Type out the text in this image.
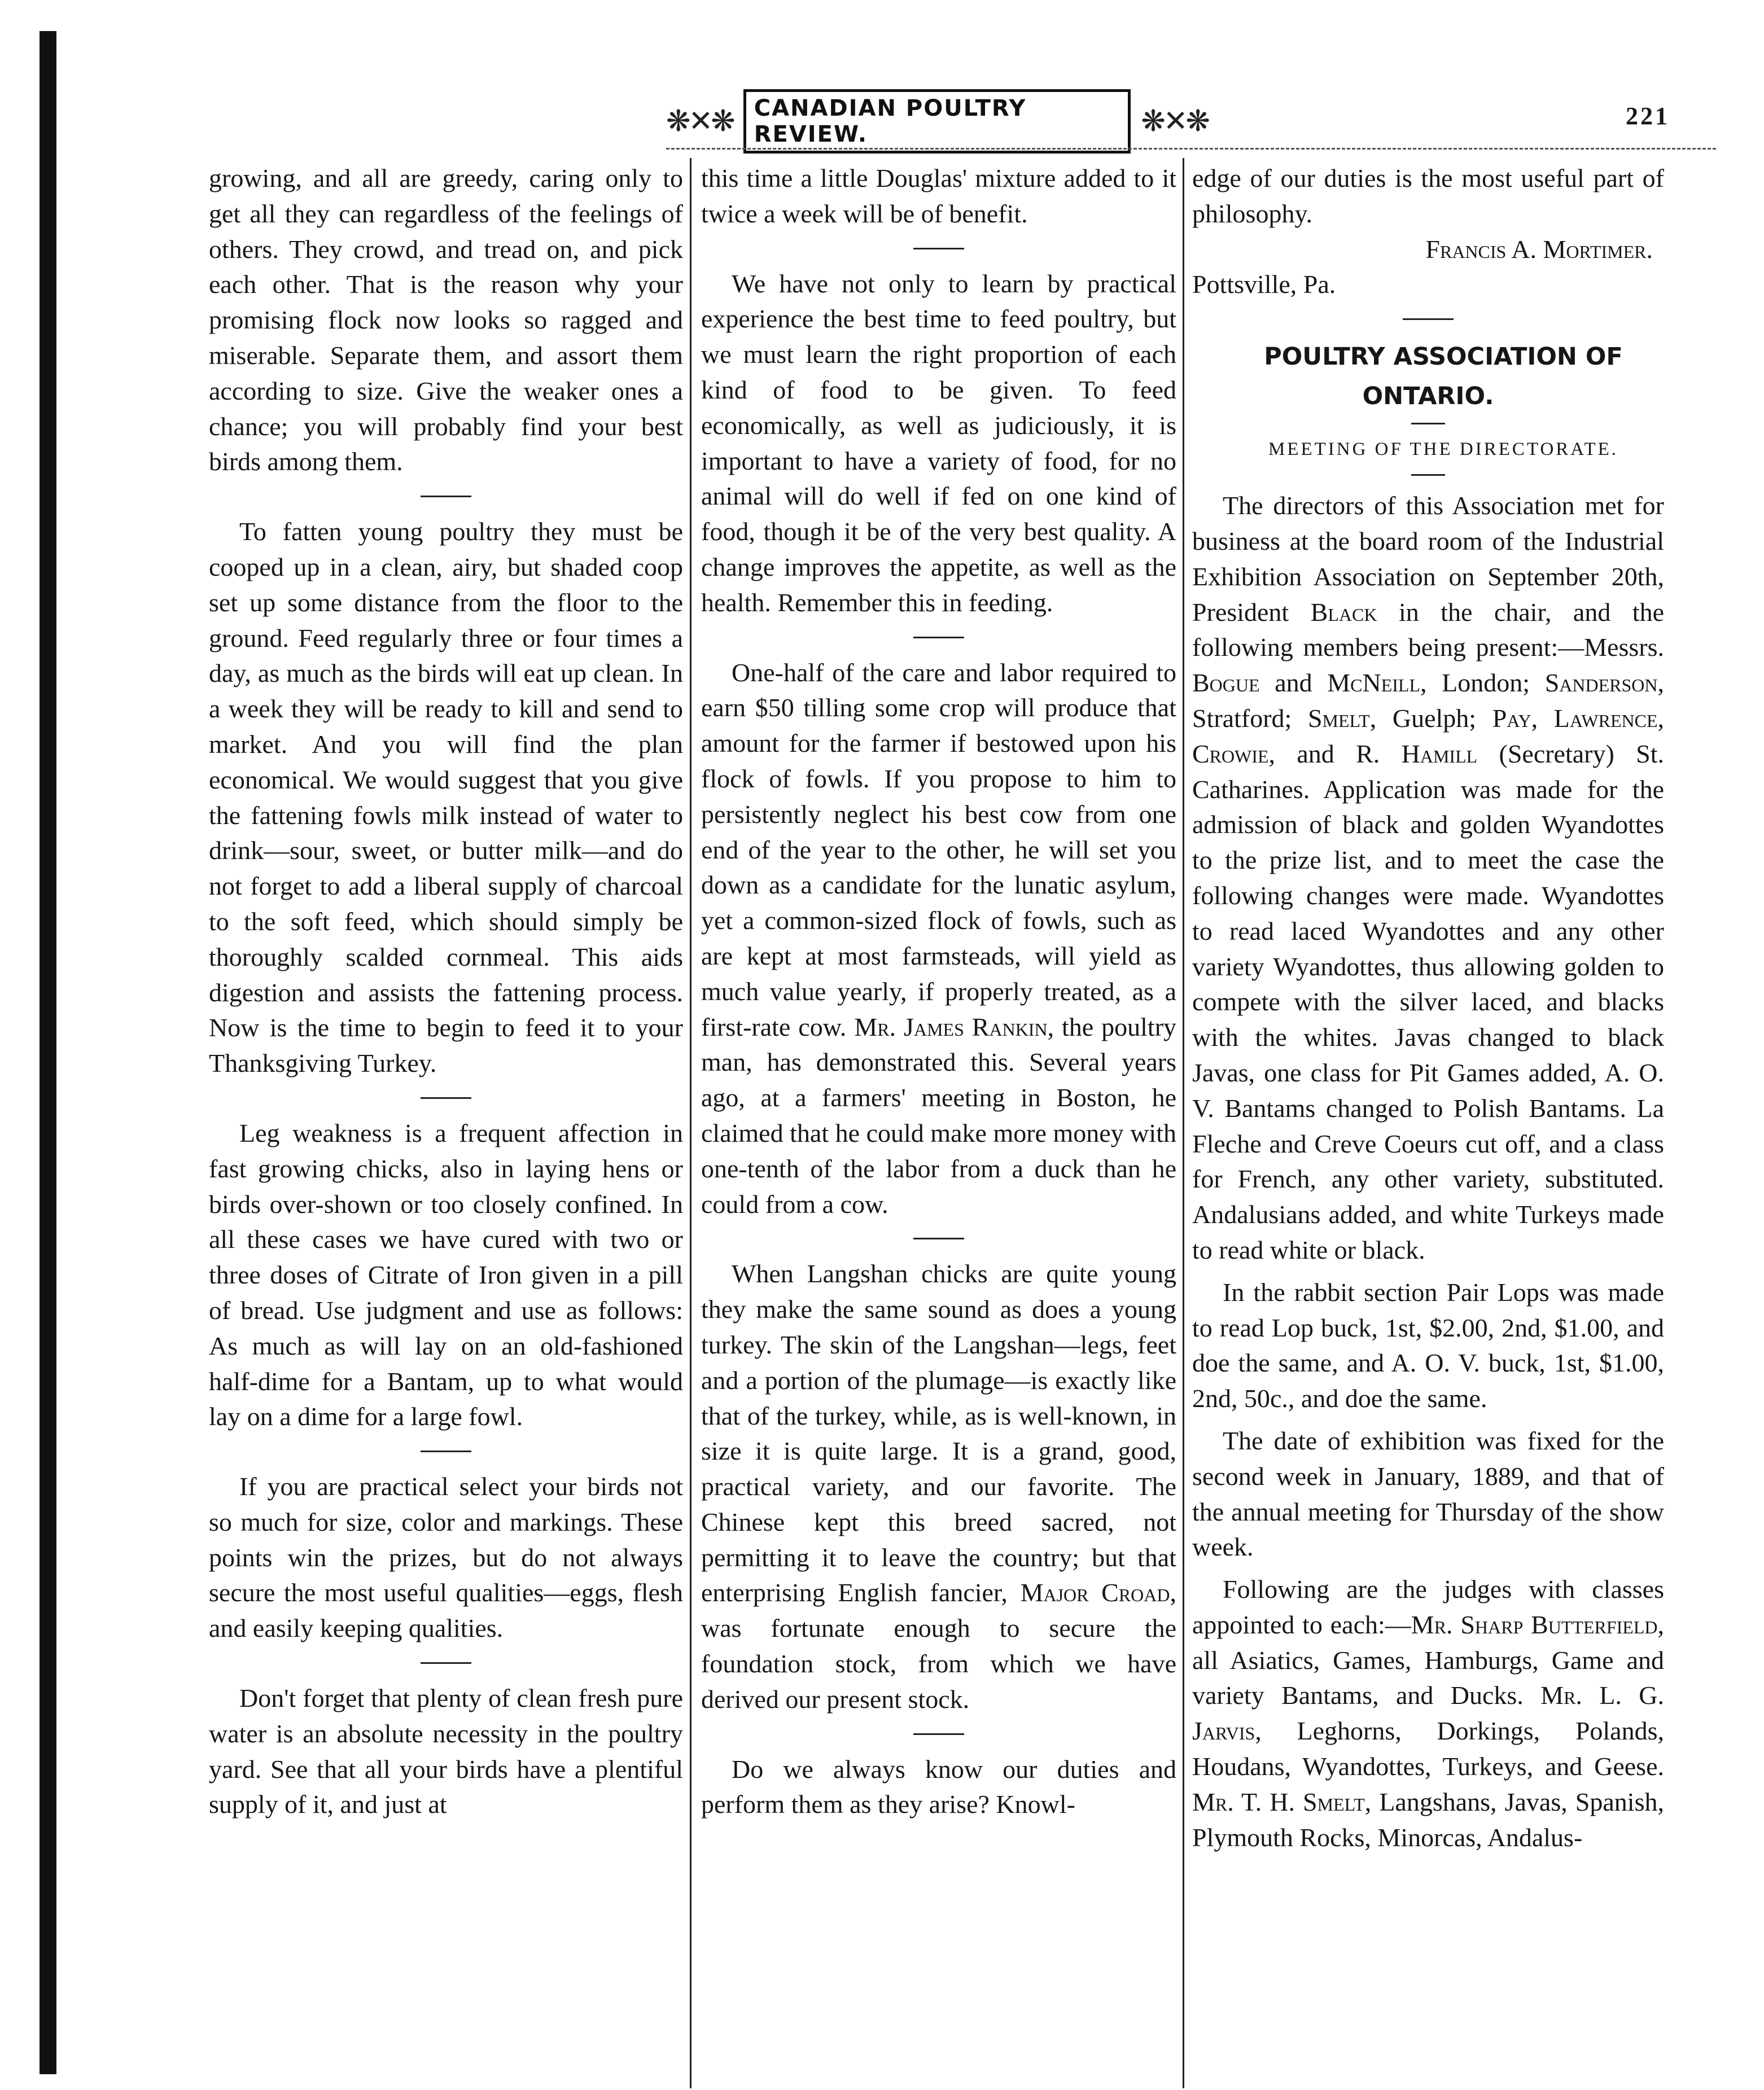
❋✕❋ CANADIAN POULTRY REVIEW.	❋✕❋	221

growing, and all are greedy, caring only to get all they can regardless of the feelings of others. They crowd, and tread on, and pick each other. That is the reason why your promising flock now looks so ragged and miserable. Separate them, and assort them according to size. Give the weaker ones a chance; you will probably find your best birds among them.

To fatten young poultry they must be cooped up in a clean, airy, but shaded coop set up some distance from the floor to the ground. Feed regularly three or four times a day, as much as the birds will eat up clean. In a week they will be ready to kill and send to market. And you will find the plan economical. We would suggest that you give the fattening fowls milk instead of water to drink—sour, sweet, or butter milk—and do not forget to add a liberal supply of charcoal to the soft feed, which should simply be thoroughly scalded cornmeal. This aids digestion and assists the fattening process. Now is the time to begin to feed it to your Thanksgiving Turkey.

Leg weakness is a frequent affection in fast growing chicks, also in laying hens or birds over-shown or too closely confined. In all these cases we have cured with two or three doses of Citrate of Iron given in a pill of bread. Use judgment and use as follows: As much as will lay on an old-fashioned half-dime for a Bantam, up to what would lay on a dime for a large fowl.

If you are practical select your birds not so much for size, color and markings. These points win the prizes, but do not always secure the most useful qualities—eggs, flesh and easily keeping qualities.

Don't forget that plenty of clean fresh pure water is an absolute necessity in the poultry yard. See that all your birds have a plentiful supply of it, and just at

this time a little Douglas' mixture added to it twice a week will be of benefit.

We have not only to learn by practical experience the best time to feed poultry, but we must learn the right proportion of each kind of food to be given. To feed economically, as well as judiciously, it is important to have a variety of food, for no animal will do well if fed on one kind of food, though it be of the very best quality. A change improves the appetite, as well as the health. Remember this in feeding.

One-half of the care and labor required to earn $50 tilling some crop will produce that amount for the farmer if bestowed upon his flock of fowls. If you propose to him to persistently neglect his best cow from one end of the year to the other, he will set you down as a candidate for the lunatic asylum, yet a common-sized flock of fowls, such as are kept at most farmsteads, will yield as much value yearly, if properly treated, as a first-rate cow. Mr. James Rankin, the poultry man, has demonstrated this. Several years ago, at a farmers' meeting in Boston, he claimed that he could make more money with one-tenth of the labor from a duck than he could from a cow.

When Langshan chicks are quite young they make the same sound as does a young turkey. The skin of the Langshan—legs, feet and a portion of the plumage—is exactly like that of the turkey, while, as is well-known, in size it is quite large. It is a grand, good, practical variety, and our favorite. The Chinese kept this breed sacred, not permitting it to leave the country; but that enterprising English fancier, Major Croad, was fortunate enough to secure the foundation stock, from which we have derived our present stock.

Do we always know our duties and perform them as they arise? Knowl-

edge of our duties is the most useful part of philosophy.

Francis A. Mortimer.

Pottsville, Pa.

POULTRY ASSOCIATION OF ONTARIO.

MEETING OF THE DIRECTORATE.

The directors of this Association met for business at the board room of the Industrial Exhibition Association on September 20th, President Black in the chair, and the following members being present:—Messrs. Bogue and McNeill, London; Sanderson, Stratford; Smelt, Guelph; Pay, Lawrence, Crowie, and R. Hamill (Secretary) St. Catharines. Application was made for the admission of black and golden Wyandottes to the prize list, and to meet the case the following changes were made. Wyandottes to read laced Wyandottes and any other variety Wyandottes, thus allowing golden to compete with the silver laced, and blacks with the whites. Javas changed to black Javas, one class for Pit Games added, A. O. V. Bantams changed to Polish Bantams. La Fleche and Creve Coeurs cut off, and a class for French, any other variety, substituted. Andalusians added, and white Turkeys made to read white or black.

In the rabbit section Pair Lops was made to read Lop buck, 1st, $2.00, 2nd, $1.00, and doe the same, and A. O. V. buck, 1st, $1.00, 2nd, 50c., and doe the same.

The date of exhibition was fixed for the second week in January, 1889, and that of the annual meeting for Thursday of the show week.

Following are the judges with classes appointed to each:—Mr. Sharp Butterfield, all Asiatics, Games, Hamburgs, Game and variety Bantams, and Ducks. Mr. L. G. Jarvis, Leghorns, Dorkings, Polands, Houdans, Wyandottes, Turkeys, and Geese. Mr. T. H. Smelt, Langshans, Javas, Spanish, Plymouth Rocks, Minorcas, Andalus-
